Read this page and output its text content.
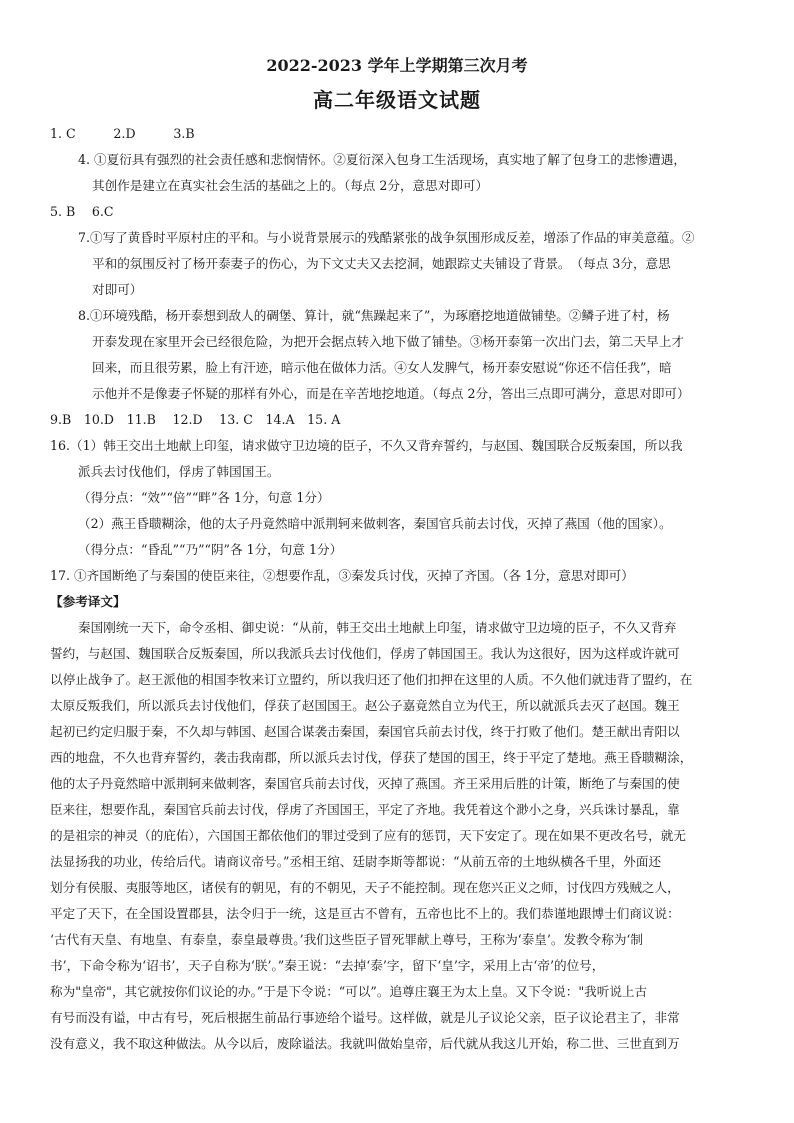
2022-2023 学年上学期第三次月考
高二年级语文试题
1. C　　　2.D　　　3.B
4. ①夏衍具有强烈的社会责任感和悲悯情怀。②夏衍深入包身工生活现场，真实地了解了包身工的悲惨遭遇，
其创作是建立在真实社会生活的基础之上的。（每点 2分，意思对即可）
5. B　 6.C
7.①写了黄昏时平原村庄的平和。与小说背景展示的残酷紧张的战争氛围形成反差，增添了作品的审美意蕴。②
平和的氛围反衬了杨开泰妻子的伤心，为下文丈夫又去挖洞，她跟踪丈夫铺设了背景。　（每点 3分，意思
对即可）
8.①环境残酷，杨开泰想到敌人的碉堡、算计，就“焦躁起来了”，为琢磨挖地道做铺垫。②鳞子进了村，杨
开泰发现在家里开会已经很危险，为把开会据点转入地下做了铺垫。③杨开泰第一次出门去，第二天早上才
回来，而且很劳累，脸上有汗迹，暗示他在做体力活。④女人发脾气，杨开泰安慰说“你还不信任我”，暗
示他并不是像妻子怀疑的那样有外心，而是在辛苦地挖地道。（每点 2分，答出三点即可满分，意思对即可）
9.B　10.D　11.B　 12.D　 13. C　14.A　15. A
16.（1）韩王交出土地献上印玺，请求做守卫边境的臣子，不久又背弃誓约，与赵国、魏国联合反叛秦国，所以我
派兵去讨伐他们，俘虏了韩国国王。
（得分点：“效”“倍”“畔”各 1分，句意 1分）
（2）燕王昏聩糊涂，他的太子丹竟然暗中派荆轲来做刺客，秦国官兵前去讨伐，灭掉了燕国（他的国家）。
（得分点：“昏乱”“乃”“阴”各 1分，句意 1分）
17. ①齐国断绝了与秦国的使臣来往，②想要作乱，③秦发兵讨伐，灭掉了齐国。（各 1分，意思对即可）
【参考译文】
秦国刚统一天下，命令丞相、御史说：“从前，韩王交出土地献上印玺，请求做守卫边境的臣子，不久又背弃
誓约，与赵国、魏国联合反叛秦国，所以我派兵去讨伐他们，俘虏了韩国国王。我认为这很好，因为这样或许就可
以停止战争了。赵王派他的相国李牧来订立盟约，所以我归还了他们扣押在这里的人质。不久他们就违背了盟约，在
太原反叛我们，所以派兵去讨伐他们，俘获了赵国国王。赵公子嘉竟然自立为代王，所以就派兵去灭了赵国。魏王
起初已约定归服于秦，不久却与韩国、赵国合谋袭击秦国，秦国官兵前去讨伐，终于打败了他们。楚王献出青阳以
西的地盘，不久也背弃誓约，袭击我南郡，所以派兵去讨伐，俘获了楚国的国王，终于平定了楚地。燕王昏聩糊涂，
他的太子丹竟然暗中派荆轲来做刺客，秦国官兵前去讨伐，灭掉了燕国。齐王采用后胜的计策，断绝了与秦国的使
臣来往，想要作乱，秦国官兵前去讨伐，俘虏了齐国国王，平定了齐地。我凭着这个渺小之身，兴兵诛讨暴乱，靠
的是祖宗的神灵（的庇佑），六国国王都依他们的罪过受到了应有的惩罚，天下安定了。现在如果不更改名号，就无
法显扬我的功业，传给后代。请商议帝号。”丞相王绾、廷尉李斯等都说：“从前五帝的土地纵横各千里，外面还
划分有侯服、夷服等地区，诸侯有的朝见，有的不朝见，天子不能控制。现在您兴正义之师，讨伐四方残贼之人，
平定了天下，在全国设置郡县，法令归于一统，这是亘古不曾有，五帝也比不上的。我们恭谨地跟博士们商议说：
‘古代有天皇、有地皇、有泰皇，泰皇最尊贵。’我们这些臣子冒死罪献上尊号，王称为‘泰皇’。发教令称为‘制
书’，下命令称为‘诏书’，天子自称为‘朕’。”秦王说：“去掉‘泰’字，留下‘皇’字，采用上古‘帝’的位号，
称为"皇帝"，其它就按你们议论的办。”于是下令说：“可以”。追尊庄襄王为太上皇。又下令说："我听说上古
有号而没有谥，中古有号，死后根据生前品行事迹给个谥号。这样做，就是儿子议论父亲，臣子议论君主了，非常
没有意义，我不取这种做法。从今以后，废除谥法。我就叫做始皇帝，后代就从我这儿开始，称二世、三世直到万
